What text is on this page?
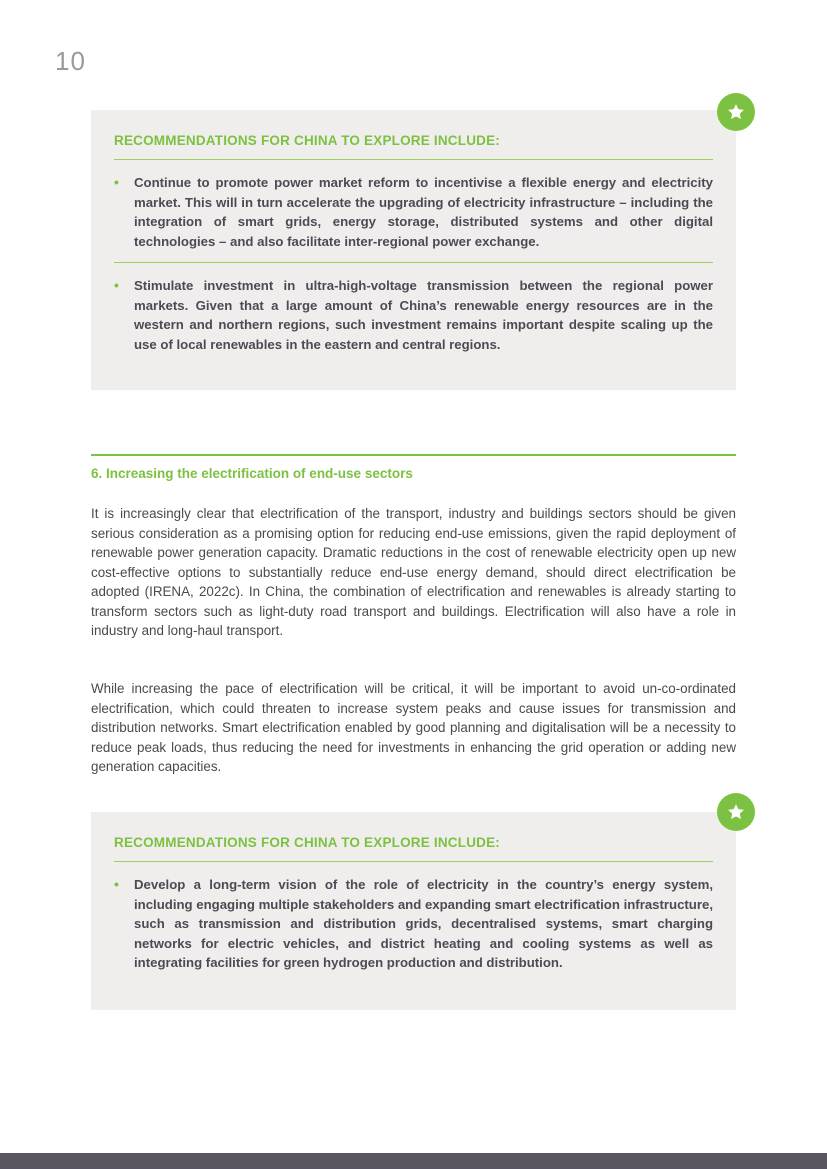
10
RECOMMENDATIONS FOR CHINA TO EXPLORE INCLUDE:
• Continue to promote power market reform to incentivise a flexible energy and electricity market. This will in turn accelerate the upgrading of electricity infrastructure – including the integration of smart grids, energy storage, distributed systems and other digital technologies – and also facilitate inter-regional power exchange.
• Stimulate investment in ultra-high-voltage transmission between the regional power markets. Given that a large amount of China’s renewable energy resources are in the western and northern regions, such investment remains important despite scaling up the use of local renewables in the eastern and central regions.
6. Increasing the electrification of end-use sectors
It is increasingly clear that electrification of the transport, industry and buildings sectors should be given serious consideration as a promising option for reducing end-use emissions, given the rapid deployment of renewable power generation capacity. Dramatic reductions in the cost of renewable electricity open up new cost-effective options to substantially reduce end-use energy demand, should direct electrification be adopted (IRENA, 2022c). In China, the combination of electrification and renewables is already starting to transform sectors such as light-duty road transport and buildings. Electrification will also have a role in industry and long-haul transport.
While increasing the pace of electrification will be critical, it will be important to avoid un-co-ordinated electrification, which could threaten to increase system peaks and cause issues for transmission and distribution networks. Smart electrification enabled by good planning and digitalisation will be a necessity to reduce peak loads, thus reducing the need for investments in enhancing the grid operation or adding new generation capacities.
RECOMMENDATIONS FOR CHINA TO EXPLORE INCLUDE:
• Develop a long-term vision of the role of electricity in the country’s energy system, including engaging multiple stakeholders and expanding smart electrification infrastructure, such as transmission and distribution grids, decentralised systems, smart charging networks for electric vehicles, and district heating and cooling systems as well as integrating facilities for green hydrogen production and distribution.
